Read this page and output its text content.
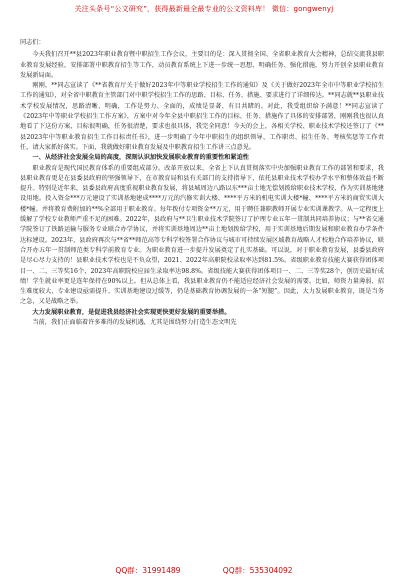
关注头条号“公文研究”，获得最新最全最专业的公文资料库！ 微信：gongwenyj

同志们：

今天我们召开**县2023年职业教育暨中职招生工作会议，主要目的是：深入贯彻全国、全省职业教育大会精神，总结交流我县职业教育发展经验，安排部署中职教育招生等工作，动员教育系统上下进一步统一思想、明确任务、强化措施，努力开创全县职业教育发展新局面。

刚刚，**同志宣读了《**省教育厅关于做好2023年中等职业学校招生工作的通知》及《关于做好2023年全市中等职业学校招生工作的通知》，对全省中职教育主管部门对中职学校招生工作的思路、目标、任务、措施、要求进行了详细传达。**同志就**县职业技术学校发展情况，思路清晰、明确，工作是努力、全面的，成绩是显著、有目共睹的。对此，我受组织给予满意！**同志宣读了《2023年中等职业学校招生工作方案》，方案中对今年全县中职招生工作的目标、任务、措施作了具体的安排部署，刚刚我也很认真地看了下这份方案，目标很明确，任务很清楚，要求也很具体，我完全同意！今天的会上，各相关学校、职业技术学校还签订了《**县2023年中等职业教育招生工作目标责任书》，进一步明确了今年中职招生的组织领导、工作职责、招生任务、考核奖惩等工作责任，请大家抓好落实。下面，我就做好职业教育发展及中职教育招生工作讲三点意见。

一、从经济社会发展全局的高度，深刻认识加快发展职业教育的重要性和紧迫性

职业教育是现代国民教育体系的重要组成部分。改革开放以来，全省上下认真贯彻落实中央加强职业教育工作的部署和要求，我县职业教育更是在县委县政府的坚强领导下，在市教育局和县有关部门的支持指导下，依托县职业技术学校办学水平和整体效益不断提升。特别是近年来，县委县政府高度重视职业教育发展，将县城周边八路以东***亩土地无偿划拨给职业技术学校，作为实训基地建设用地。投入资金***万元建设了实训基地建成****万元的汽修实训大楼、****平方米的机电实训大楼*幢、****平方米的商贸实训大楼*幢。并将教育费附加的**%全部用于职业教育。每年拨付专项资金**万元，用于聘任兼职教师开展专业实训课教学。从一定程度上缓解了学校专业教师严重不足的困难。2022年，县政府与**卫生职业技术学院签订了护理专业五年一贯制共同培养协议；与**省交通学院签订了铁路运输与服务专业联合办学协议，并将实训基地周边**亩土地划拨给学校，用于实训基地后期发展和职业教育办学条件达标建设。2023年，县政府再次与**省**师范高等专科学校签署合作协议与城市可持续发展区域教育战略人才校地合作培养协议，联合开办五年一贯制师范类专科学前教育专业。为职业教育进一步提升发展奠定了扎实基础。可以说，对于职业教育发展，县委县政府是尽心尽力支持的！县职业技术学校也是不负众望，2021、2022年高职院校录取率达到81.5%。省级职业教育技能大赛获得团体项目一、二、三等奖16个，2023年高职院校应届生录取率达98.8%。省级技能大赛获得团体项目一、二、三等奖28个，创历史最好成绩！学生就业率更是连年保持在90%以上。但从总体上看，我县职业教育仍不能适应经济社会发展的需要。比如，师资力量薄弱、招生难度较大、专业建设亟需提升、实训基地建设过缓等，仍是基础教育协调发展的一条“短腿”。因此，大力发展职业教育，既是当务之急，又是战略之举。

大力发展职业教育，是促进我县经济社会实现更快更好发展的重要举措。

当前，我们正面临着许多难得的发展机遇，尤其是围绕努力打造生态文明先

QQ群：31991489	QQ群：535304092
